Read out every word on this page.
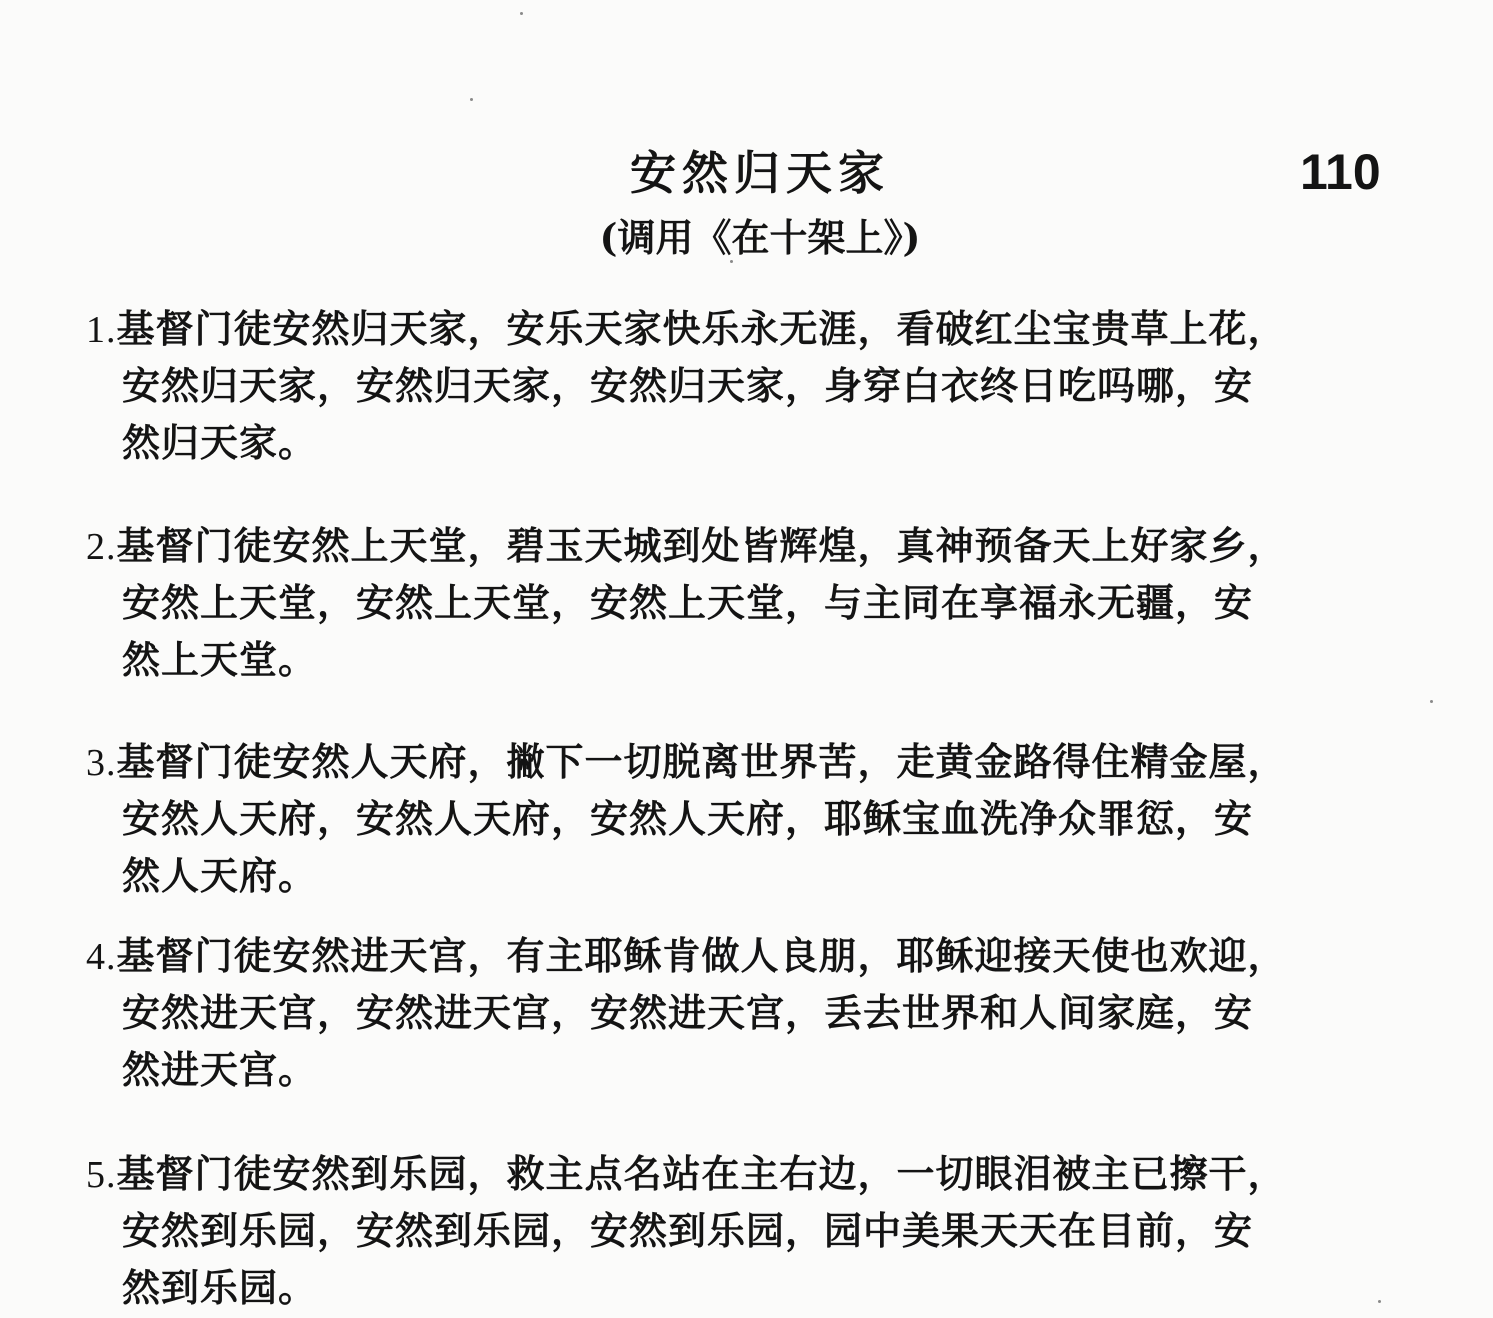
安然归天家	110
(调用《在十架上》)
1.基督门徒安然归天家，安乐天家快乐永无涯，看破红尘宝贵草上花，
安然归天家，安然归天家，安然归天家，身穿白衣终日吃吗哪，安
然归天家。
2.基督门徒安然上天堂，碧玉天城到处皆辉煌，真神预备天上好家乡，
安然上天堂，安然上天堂，安然上天堂，与主同在享福永无疆，安
然上天堂。
3.基督门徒安然人天府，撇下一切脱离世界苦，走黄金路得住精金屋，
安然人天府，安然人天府，安然人天府，耶稣宝血洗净众罪愆，安
然人天府。
4.基督门徒安然进天宫，有主耶稣肯做人良朋，耶稣迎接天使也欢迎，
安然进天宫，安然进天宫，安然进天宫，丢去世界和人间家庭，安
然进天宫。
5.基督门徒安然到乐园，救主点名站在主右边，一切眼泪被主已擦干，
安然到乐园，安然到乐园，安然到乐园，园中美果天天在目前，安
然到乐园。
